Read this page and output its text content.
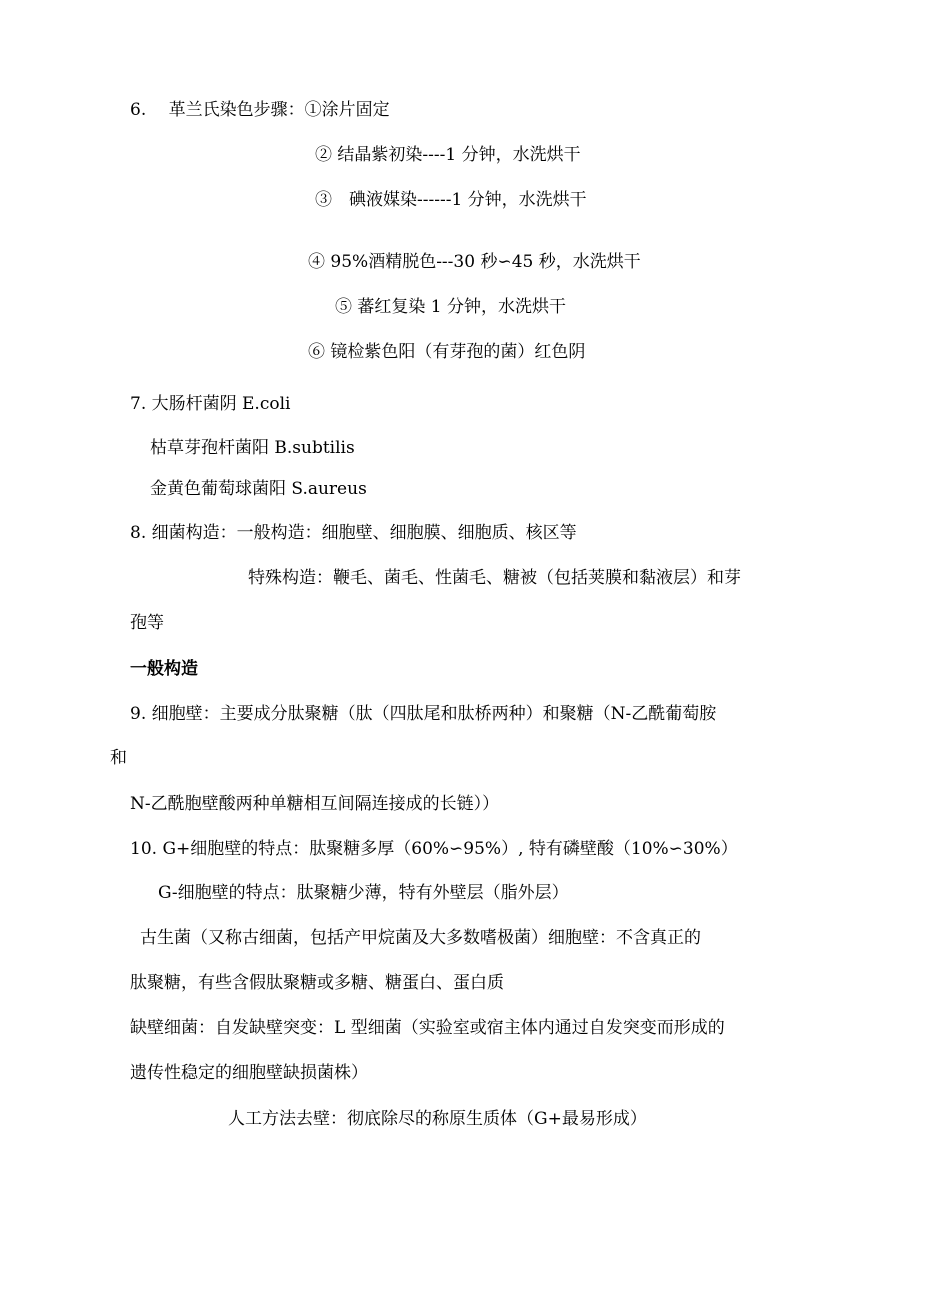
6.　 革兰氏染色步骤：①涂片固定
② 结晶紫初染----1 分钟，水洗烘干
③　碘液媒染------1 分钟，水洗烘干
④ 95%酒精脱色---30 秒∽45 秒，水洗烘干
⑤ 蕃红复染 1 分钟，水洗烘干
⑥ 镜检紫色阳（有芽孢的菌）红色阴
7. 大肠杆菌阴 E.coli
枯草芽孢杆菌阳 B.subtilis
金黄色葡萄球菌阳 S.aureus
8. 细菌构造：一般构造：细胞壁、细胞膜、细胞质、核区等
特殊构造：鞭毛、菌毛、性菌毛、糖被（包括荚膜和黏液层）和芽
孢等
一般构造
9. 细胞壁：主要成分肽聚糖（肽（四肽尾和肽桥两种）和聚糖（N-乙酰葡萄胺
和
N-乙酰胞壁酸两种单糖相互间隔连接成的长链））
10. G+细胞壁的特点：肽聚糖多厚（60%∽95%）, 特有磷壁酸（10%∽30%）
G-细胞壁的特点：肽聚糖少薄，特有外壁层（脂外层）
古生菌（又称古细菌，包括产甲烷菌及大多数嗜极菌）细胞壁：不含真正的
肽聚糖，有些含假肽聚糖或多糖、糖蛋白、蛋白质
缺壁细菌：自发缺壁突变：L 型细菌（实验室或宿主体内通过自发突变而形成的
遗传性稳定的细胞壁缺损菌株）
人工方法去壁：彻底除尽的称原生质体（G+最易形成）
